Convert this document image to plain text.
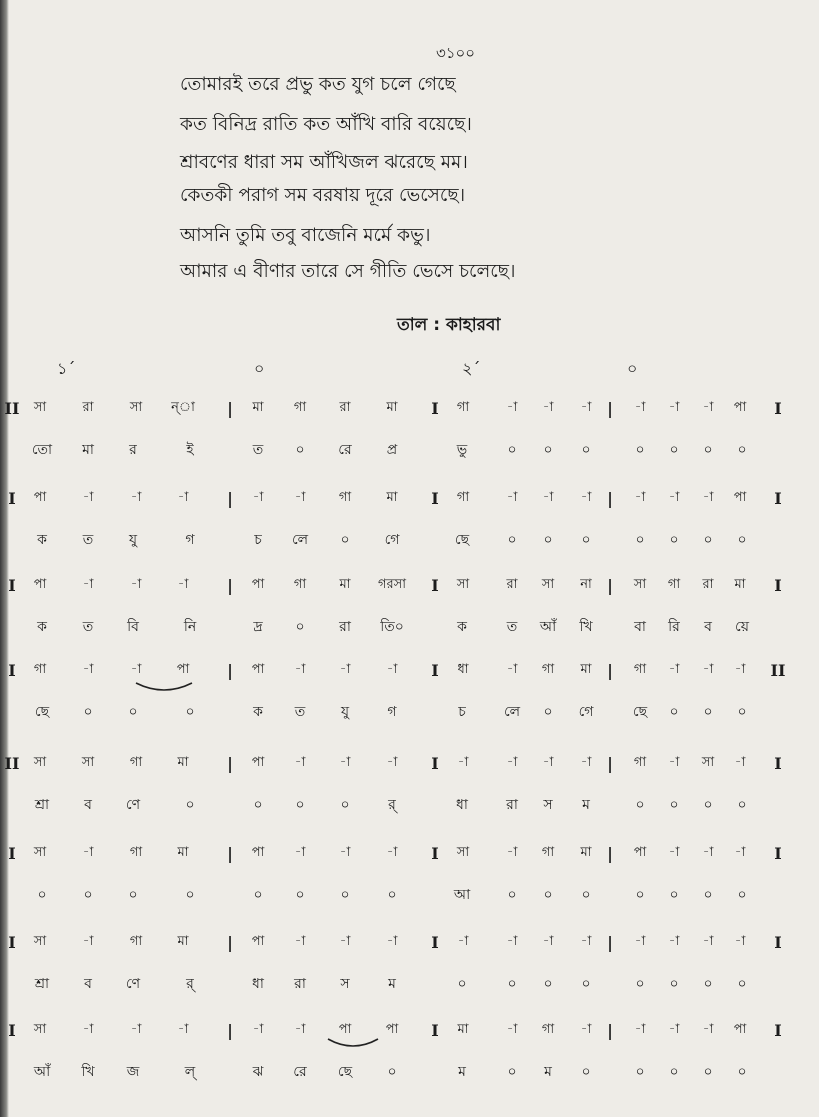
৩১০০
তোমারই তরে প্রভু কত যুগ চলে গেছে
কত বিনিদ্র রাতি কত আঁখি বারি বয়েছে।
শ্রাবণের ধারা সম আঁখিজল ঝরেছে মম।
কেতকী পরাগ সম বরষায় দূরে ভেসেছে।
আসনি তুমি তবু বাজেনি মর্মে কভু।
আমার এ বীণার তারে সে গীতি ভেসে চলেছে।
তাল : কাহারবা
১´	০	২´	০
II সা	রা	সা ন্‌া | মা গা	রা	মা I গা	-া -া -া | -া -া -া পা I
তো মা	র	ই	ত ০ রে	প্র	ভু	০ ০ ০	০ ০ ০ ০
I পা	-া	-া	-া | -া -া	গা	মা I গা	-া -া -া | -া -া -া পা I
ক	ত	যু	গ	চ লে ০	গে	ছে	০ ০ ০	০ ০ ০ ০
I পা	-া	-া	-া | পা গা	মা গরসা I সা	রা সা না | সা গা রা মা I
ক	ত বি	নি	দ্র ০ রা তি০	ক	ত আঁ খি	বা রি ব য়ে
I গা	-া	-া	পা | পা -া	-া	-া I ধা	-া গা মা | গা -া -া -া II
ছে ০	০	০	ক ত	যু	গ	চ	লে ০ গে	ছে ০ ০ ০
II সা	সা	গা	মা | পা -া	-া	-া I -া	-া -া -া | গা -া সা -া I
শ্রা ব ণে	০	০ ০	০	র্‌	ধা	রা স ম	০ ০ ০ ০
I সা	-া	গা	মা | পা -া	-া	-া I সা	-া গা মা | পা -া -া -া I
০	০	০	০	০ ০	০	০	আ	০ ০ ০	০ ০ ০ ০
I সা	-া	গা	মা | পা -া	-া	-া I -া	-া -া -া | -া -া -া -া I
শ্রা ব ণে	র্‌	ধা রা স	ম	০	০ ০ ০	০ ০ ০ ০
I সা	-া	-া	-া | -া -া	পা	পা I মা	-া গা -া | -া -া -া পা I
আঁ খি জ	ল্‌	ঝ রে ছে	০	ম	০ ম ০	০ ০ ০ ০
